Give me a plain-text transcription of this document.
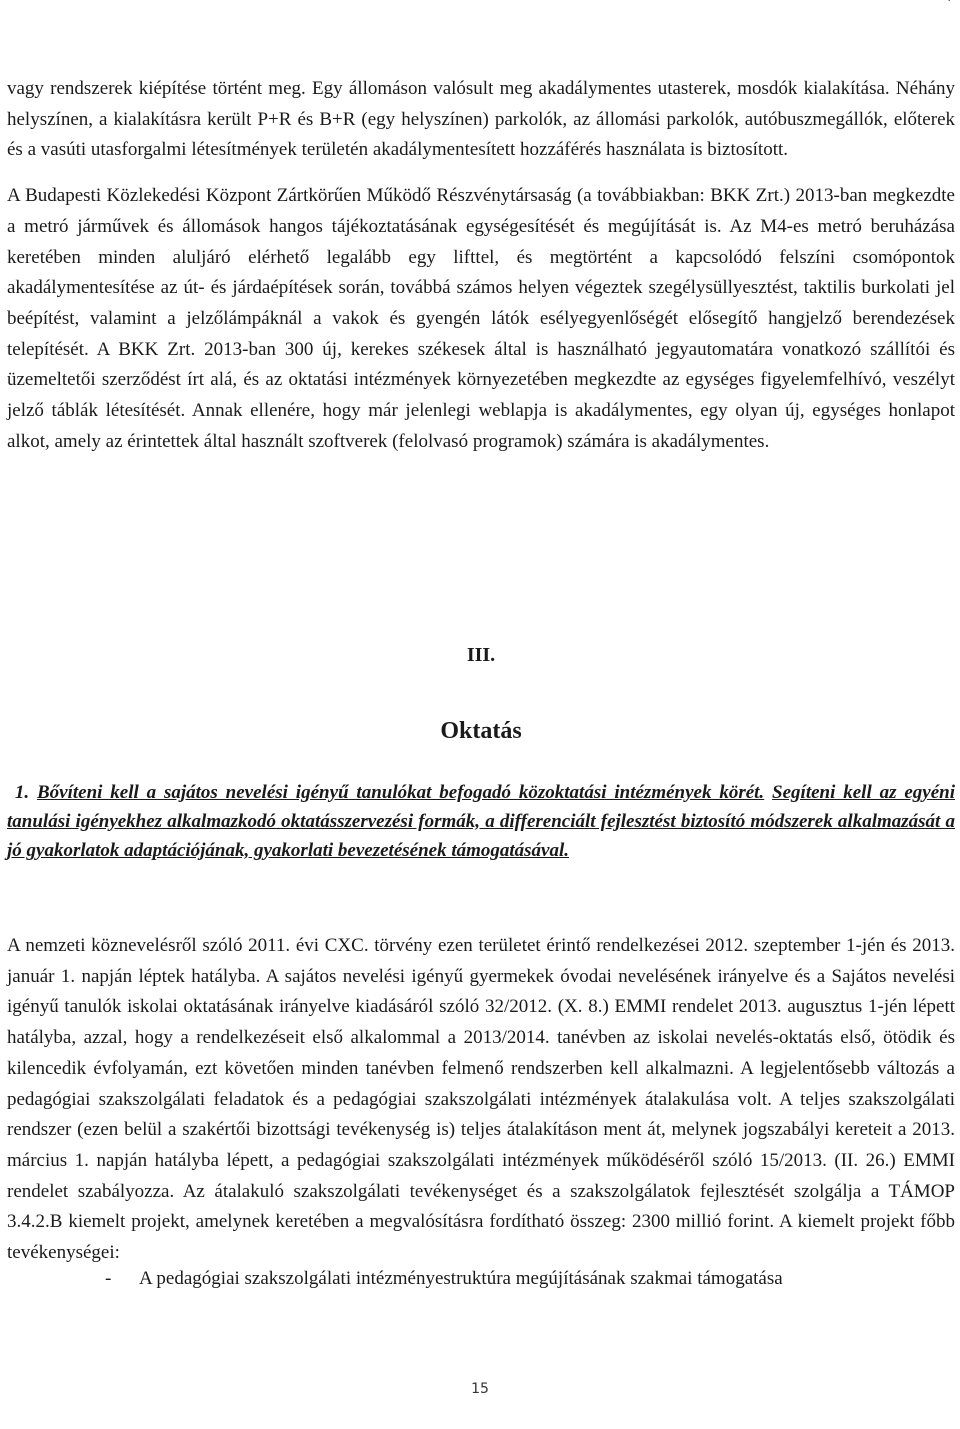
vagy rendszerek kiépítése történt meg. Egy állomáson valósult meg akadálymentes utasterek, mosdók kialakítása. Néhány helyszínen, a kialakításra került P+R és B+R (egy helyszínen) parkolók, az állomási parkolók, autóbuszmegállók, előterek és a vasúti utasforgalmi létesítmények területén akadálymentesített hozzáférés használata is biztosított.

A Budapesti Közlekedési Központ Zártkörűen Működő Részvénytársaság (a továbbiakban: BKK Zrt.) 2013-ban megkezdte a metró járművek és állomások hangos tájékoztatásának egységesítését és megújítását is. Az M4-es metró beruházása keretében minden aluljáró elérhető legalább egy lifttel, és megtörtént a kapcsolódó felszíni csomópontok akadálymentesítése az út- és járdaépítések során, továbbá számos helyen végeztek szegélysüllyesztést, taktilis burkolati jel beépítést, valamint a jelzőlámpáknál a vakok és gyengén látók esélyegyenlőségét elősegítő hangjelző berendezések telepítését. A BKK Zrt. 2013-ban 300 új, kerekes székesek által is használható jegyautomatára vonatkozó szállítói és üzemeltetői szerződést írt alá, és az oktatási intézmények környezetében megkezdte az egységes figyelemfelhívó, veszélyt jelző táblák létesítését. Annak ellenére, hogy már jelenlegi weblapja is akadálymentes, egy olyan új, egységes honlapot alkot, amely az érintettek által használt szoftverek (felolvasó programok) számára is akadálymentes.

III.
Oktatás
1. Bővíteni kell a sajátos nevelési igényű tanulókat befogadó közoktatási intézmények körét. Segíteni kell az egyéni tanulási igényekhez alkalmazkodó oktatásszervezési formák, a differenciált fejlesztést biztosító módszerek alkalmazását a jó gyakorlatok adaptációjának, gyakorlati bevezetésének támogatásával.

A nemzeti köznevelésről szóló 2011. évi CXC. törvény ezen területet érintő rendelkezései 2012. szeptember 1-jén és 2013. január 1. napján léptek hatályba. A sajátos nevelési igényű gyermekek óvodai nevelésének irányelve és a Sajátos nevelési igényű tanulók iskolai oktatásának irányelve kiadásáról szóló 32/2012. (X. 8.) EMMI rendelet 2013. augusztus 1-jén lépett hatályba, azzal, hogy a rendelkezéseit első alkalommal a 2013/2014. tanévben az iskolai nevelés-oktatás első, ötödik és kilencedik évfolyamán, ezt követően minden tanévben felmenő rendszerben kell alkalmazni. A legjelentősebb változás a pedagógiai szakszolgálati feladatok és a pedagógiai szakszolgálati intézmények átalakulása volt. A teljes szakszolgálati rendszer (ezen belül a szakértői bizottsági tevékenység is) teljes átalakításon ment át, melynek jogszabályi kereteit a 2013. március 1. napján hatályba lépett, a pedagógiai szakszolgálati intézmények működéséről szóló 15/2013. (II. 26.) EMMI rendelet szabályozza. Az átalakuló szakszolgálati tevékenységet és a szakszolgálatok fejlesztését szolgálja a TÁMOP 3.4.2.B kiemelt projekt, amelynek keretében a megvalósításra fordítható összeg: 2300 millió forint. A kiemelt projekt főbb tevékenységei:

- A pedagógiai szakszolgálati intézményestruktúra megújításának szakmai támogatása
15
